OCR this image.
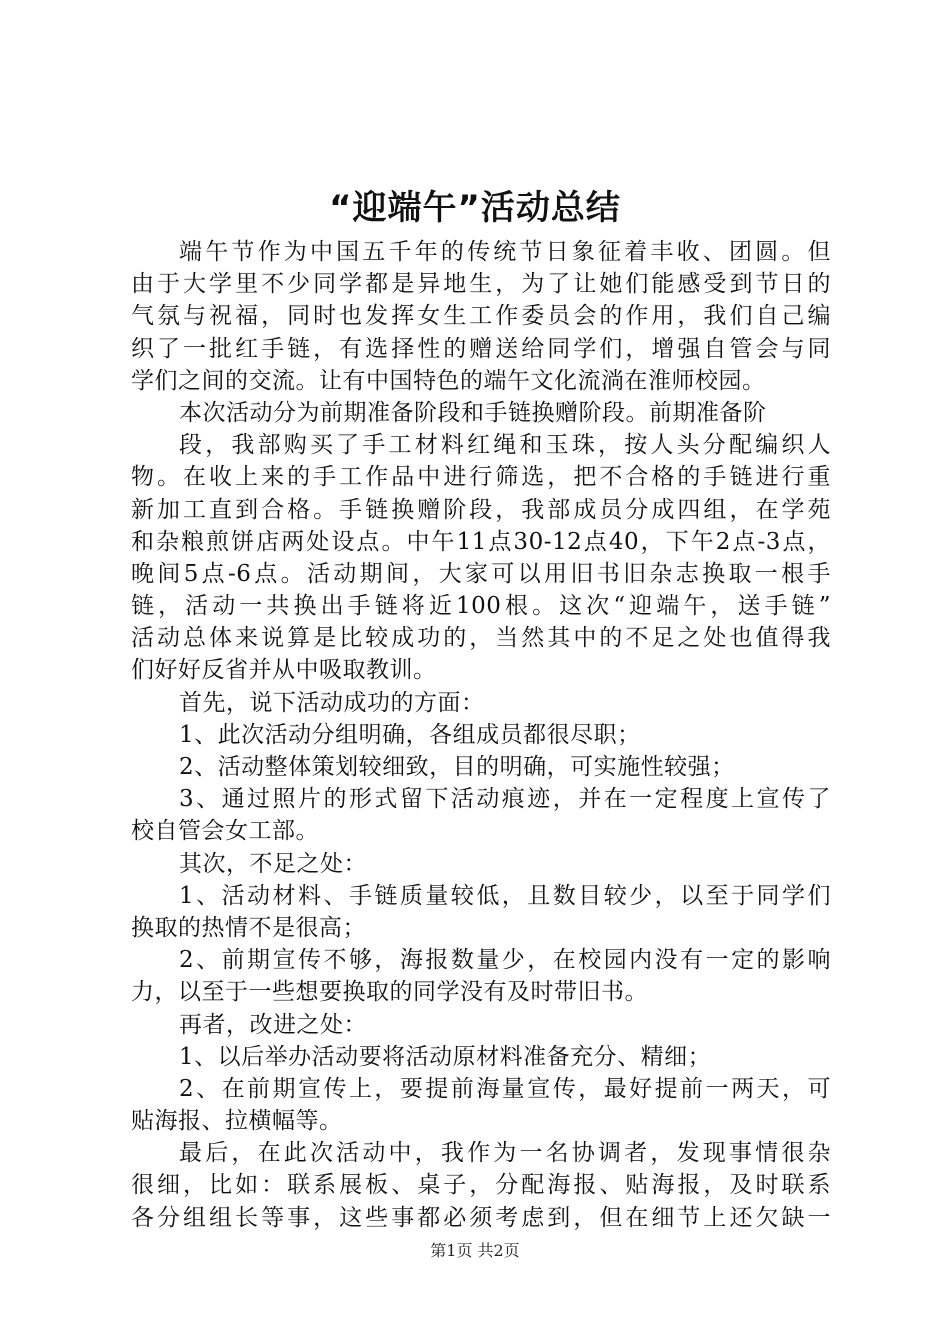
“迎端午”活动总结
端午节作为中国五千年的传统节日象征着丰收、团圆。但
由于大学里不少同学都是异地生，为了让她们能感受到节日的
气氛与祝福，同时也发挥女生工作委员会的作用，我们自己编
织了一批红手链，有选择性的赠送给同学们，增强自管会与同
学们之间的交流。让有中国特色的端午文化流淌在淮师校园。
本次活动分为前期准备阶段和手链换赠阶段。前期准备阶
段，我部购买了手工材料红绳和玉珠，按人头分配编织人
物。在收上来的手工作品中进行筛选，把不合格的手链进行重
新加工直到合格。手链换赠阶段，我部成员分成四组，在学苑
和杂粮煎饼店两处设点。中午11点30-12点40，下午2点-3点，
晚间5点-6点。活动期间，大家可以用旧书旧杂志换取一根手
链，活动一共换出手链将近100根。这次“迎端午，送手链”
活动总体来说算是比较成功的，当然其中的不足之处也值得我
们好好反省并从中吸取教训。
首先，说下活动成功的方面：
1、此次活动分组明确，各组成员都很尽职；
2、活动整体策划较细致，目的明确，可实施性较强；
3、通过照片的形式留下活动痕迹，并在一定程度上宣传了
校自管会女工部。
其次，不足之处：
1、活动材料、手链质量较低，且数目较少，以至于同学们
换取的热情不是很高；
2、前期宣传不够，海报数量少，在校园内没有一定的影响
力，以至于一些想要换取的同学没有及时带旧书。
再者，改进之处：
1、以后举办活动要将活动原材料准备充分、精细；
2、在前期宣传上，要提前海量宣传，最好提前一两天，可
贴海报、拉横幅等。
最后，在此次活动中，我作为一名协调者，发现事情很杂
很细，比如：联系展板、桌子，分配海报、贴海报，及时联系
各分组组长等事，这些事都必须考虑到，但在细节上还欠缺一
第1页 共2页
